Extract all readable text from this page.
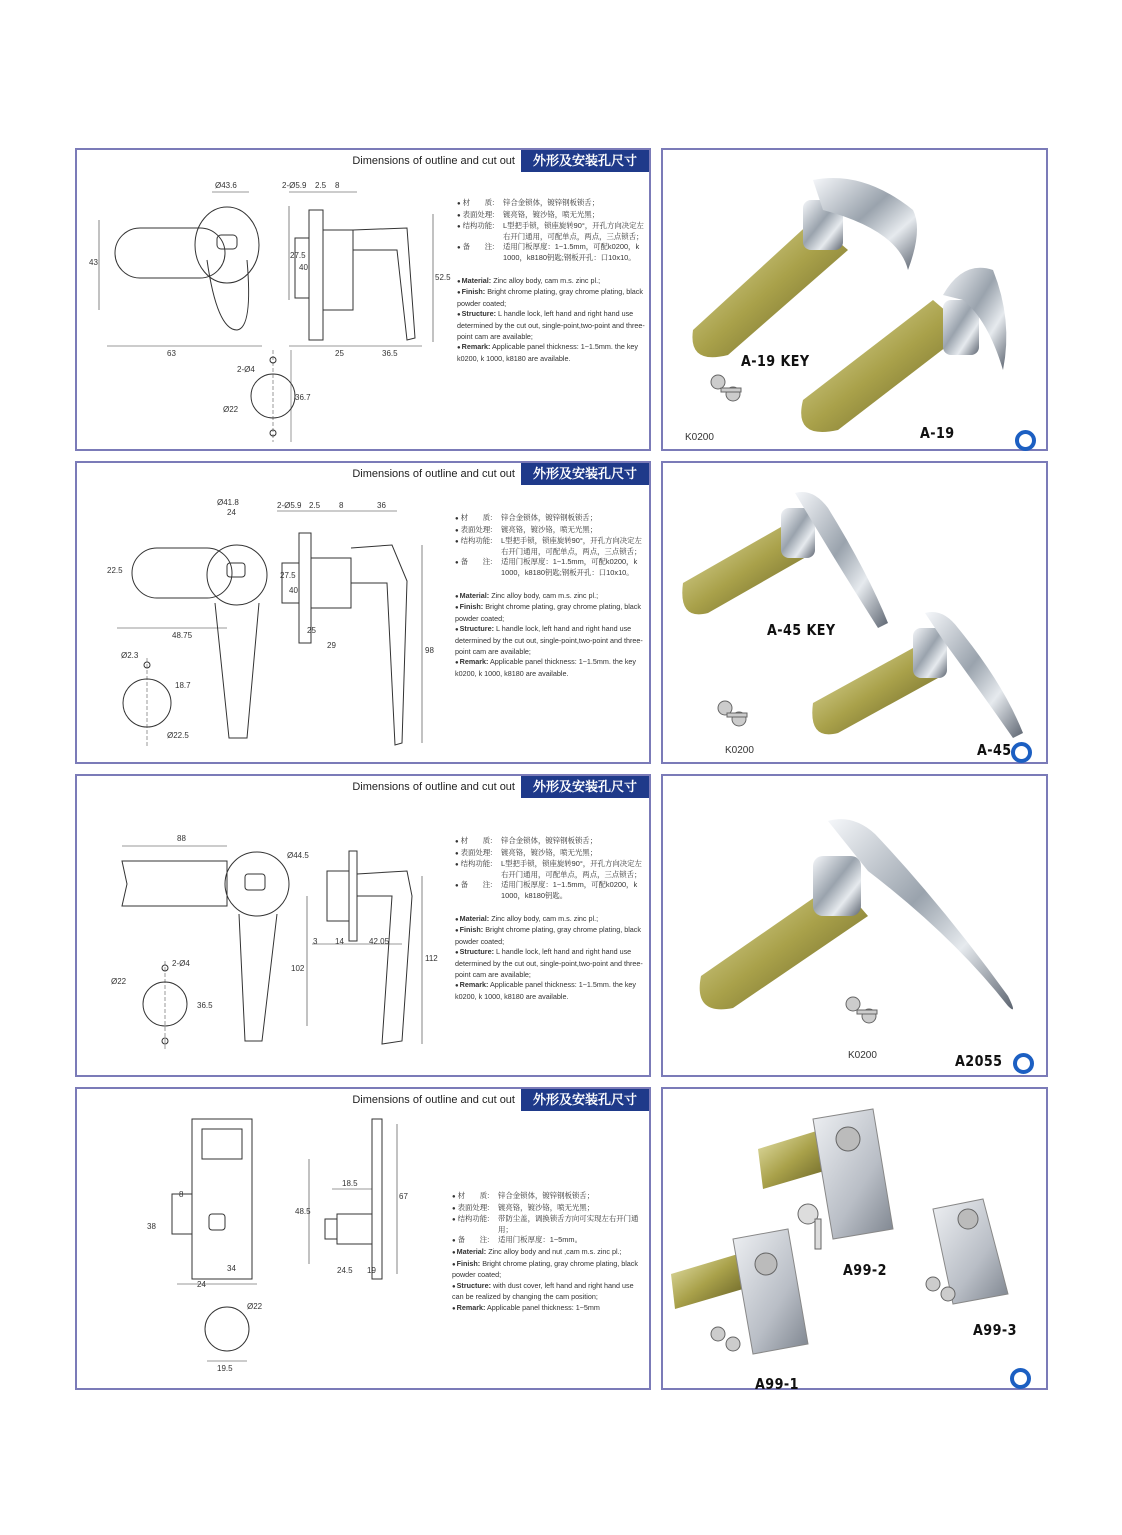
Dimensions of outline and cut out	外形及安装孔尺寸
Ø43.6	2-Ø5.9 2.5 8
43
27.5
40
52.5
63	25	36.5
2-Ø4
Ø22
36.7
● 材　　质:	锌合金锁体，镀锌钢板锁舌；
● 表面处理:	镀亮铬，镀沙铬，喷无光黑；
● 结构功能:	L型把手锁，锁座旋转90°，开孔方向决定左右开门通用，可配单点，两点，三点锁舌；
● 备　　注:	适用门板厚度：1~1.5mm，可配k0200，k 1000，k8180钥匙;钢板开孔：口10x10。
● Material: Zinc alloy body, cam m.s. zinc pl.;
● Finish: Bright chrome plating, gray chrome plating, black powder coated;
● Structure: L handle lock, left hand and right hand use determined by the cut out, single-point,two-point and three-point cam are available;
● Remark: Applicable panel thickness: 1~1.5mm. the key k0200, k 1000, k8180 are available.	A-19 KEY
A-19
K0200
Dimensions of outline and cut out	外形及安装孔尺寸
Ø41.8
24
2-Ø5.9 2.5 8	36
22.5
27.5
40
48.75
25
29
98
Ø2.3
18.7
Ø22.5
● 材　　质:	锌合金锁体，镀锌钢板锁舌；
● 表面处理:	镀亮铬，镀沙铬，喷无光黑；
● 结构功能:	L型把手锁，锁座旋转90°，开孔方向决定左右开门通用，可配单点，两点，三点锁舌；
● 备　　注:	适用门板厚度：1~1.5mm，可配k0200，k 1000，k8180钥匙;钢板开孔：口10x10。
● Material: Zinc alloy body, cam m.s. zinc pl.;
● Finish: Bright chrome plating, gray chrome plating, black powder coated;
● Structure: L handle lock, left hand and right hand use determined by the cut out, single-point,two-point and three-point cam are available;
● Remark: Applicable panel thickness: 1~1.5mm. the key k0200, k 1000, k8180 are available.
A-45 KEY
A-45
K0200
Dimensions of outline and cut out	外形及安装孔尺寸
88
Ø44.5
3 14	42.05
102
112
2-Ø4
Ø22
36.5
● 材　　质:	锌合金锁体，镀锌钢板锁舌；
● 表面处理:	镀亮铬，镀沙铬，喷无光黑；
● 结构功能:	L型把手锁，锁座旋转90°，开孔方向决定左右开门通用，可配单点，两点，三点锁舌；
● 备　　注:	适用门板厚度：1~1.5mm，可配k0200，k 1000，k8180钥匙。
● Material: Zinc alloy body, cam m.s. zinc pl.;
● Finish: Bright chrome plating, gray chrome plating, black powder coated;
● Structure: L handle lock, left hand and right hand use determined by the cut out, single-point,two-point and three-point cam are available;
● Remark: Applicable panel thickness: 1~1.5mm. the key k0200, k 1000, k8180 are available.
K0200	A2055
Dimensions of outline and cut out	外形及安装孔尺寸
8
38
34
24
18.5
48.5
67
24.5 19
Ø22
19.5
● 材　　质:	锌合金锁体，镀锌钢板锁舌；
● 表面处理:	镀亮铬，镀沙铬，喷无光黑；
● 结构功能:	带防尘盖，调换锁舌方向可实现左右开门通用；
● 备　　注:	适用门板厚度：1~5mm。
● Material: Zinc alloy body and nut ,cam m.s. zinc pl.;
● Finish: Bright chrome plating, gray chrome plating, black powder coated;
● Structure: with dust cover, left hand and right hand use can be realized by changing the cam position;
● Remark: Applicable panel thickness: 1~5mm
A99-2
A99-3
A99-1
